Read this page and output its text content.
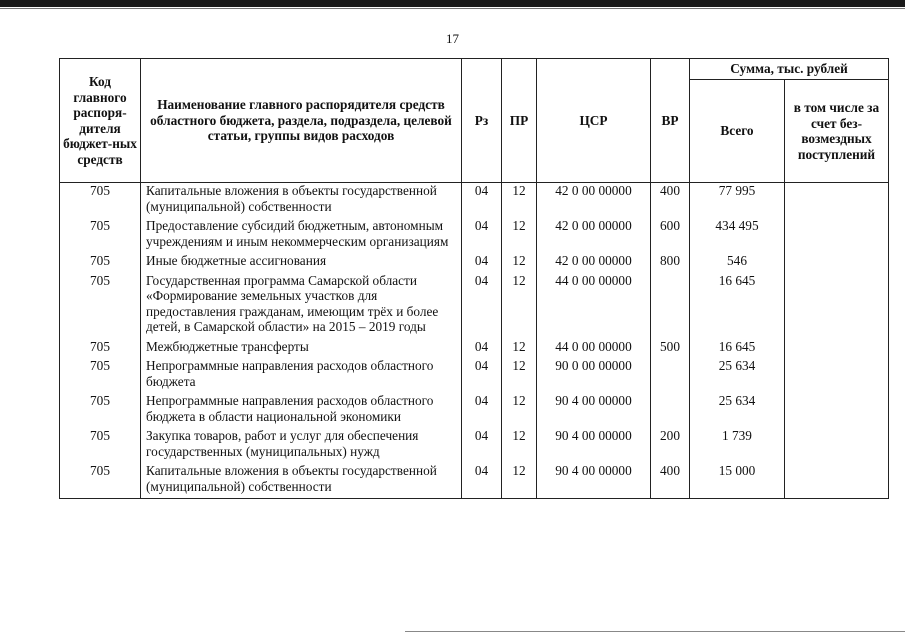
17
Код главного распоря-дителя бюджет-ных средств	Наименование главного распорядителя средств областного бюджета, раздела, подраздела, целевой статьи, группы видов расходов	Рз	ПР	ЦСР	ВР	Сумма, тыс. рублей	
						Всего	в том числе за счет без-возмездных поступлений
705	Капитальные вложения в объекты государственной (муниципальной) собственности	04	12	42 0 00 00000	400	77 995	
705	Предоставление субсидий бюджетным, автономным учреждениям и иным некоммерческим организациям	04	12	42 0 00 00000	600	434 495	
705	Иные бюджетные ассигнования	04	12	42 0 00 00000	800	546	
705	Государственная программа Самарской области «Формирование земельных участков для предоставления гражданам, имеющим трёх и более детей, в Самарской области» на 2015 – 2019 годы	04	12	44 0 00 00000		16 645	
705	Межбюджетные трансферты	04	12	44 0 00 00000	500	16 645	
705	Непрограммные направления расходов областного бюджета	04	12	90 0 00 00000		25 634	
705	Непрограммные направления расходов областного бюджета в области национальной экономики	04	12	90 4 00 00000		25 634	
705	Закупка товаров, работ и услуг для обеспечения государственных (муниципальных) нужд	04	12	90 4 00 00000	200	1 739	
705	Капитальные вложения в объекты государственной (муниципальной) собственности	04	12	90 4 00 00000	400	15 000	
